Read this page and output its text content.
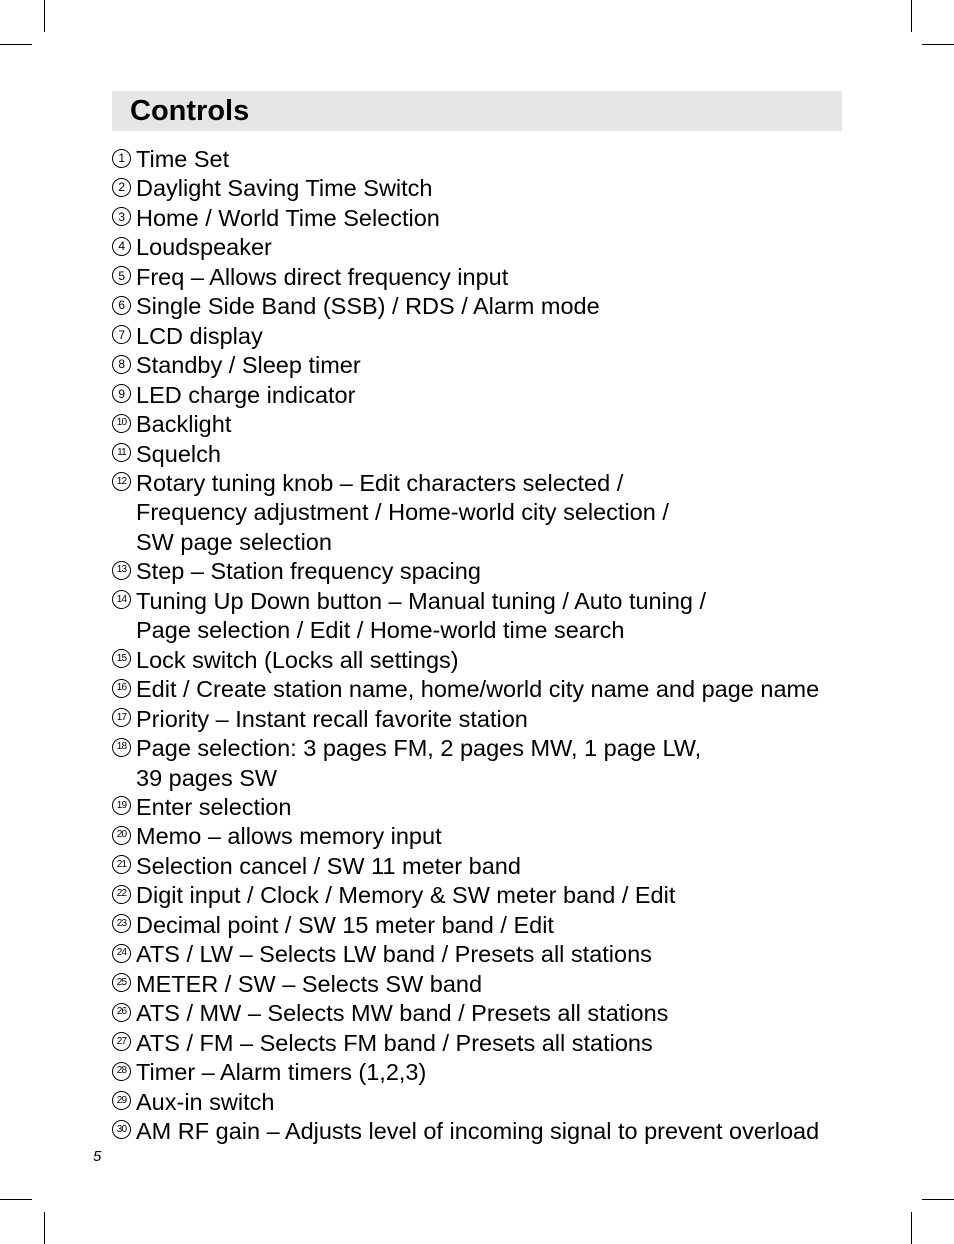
Controls
1 Time Set
2 Daylight Saving Time Switch
3 Home / World Time Selection
4 Loudspeaker
5 Freq – Allows direct frequency input
6 Single Side Band (SSB) / RDS / Alarm mode
7 LCD display
8 Standby / Sleep timer
9 LED charge indicator
10 Backlight
11 Squelch
12 Rotary tuning knob – Edit characters selected /
Frequency adjustment / Home-world city selection /
SW page selection
13 Step – Station frequency spacing
14 Tuning Up Down button – Manual tuning / Auto tuning /
Page selection / Edit / Home-world time search
15 Lock switch (Locks all settings)
16 Edit / Create station name, home/world city name and page name
17 Priority – Instant recall favorite station
18 Page selection: 3 pages FM, 2 pages MW, 1 page LW,
39 pages SW
19 Enter selection
20 Memo – allows memory input
21 Selection cancel / SW 11 meter band
22 Digit input / Clock / Memory & SW meter band / Edit
23 Decimal point / SW 15 meter band / Edit
24 ATS / LW – Selects LW band / Presets all stations
25 METER / SW – Selects SW band
26 ATS / MW – Selects MW band / Presets all stations
27 ATS / FM – Selects FM band / Presets all stations
28 Timer – Alarm timers (1,2,3)
29 Aux-in switch
30 AM RF gain – Adjusts level of incoming signal to prevent overload
5
